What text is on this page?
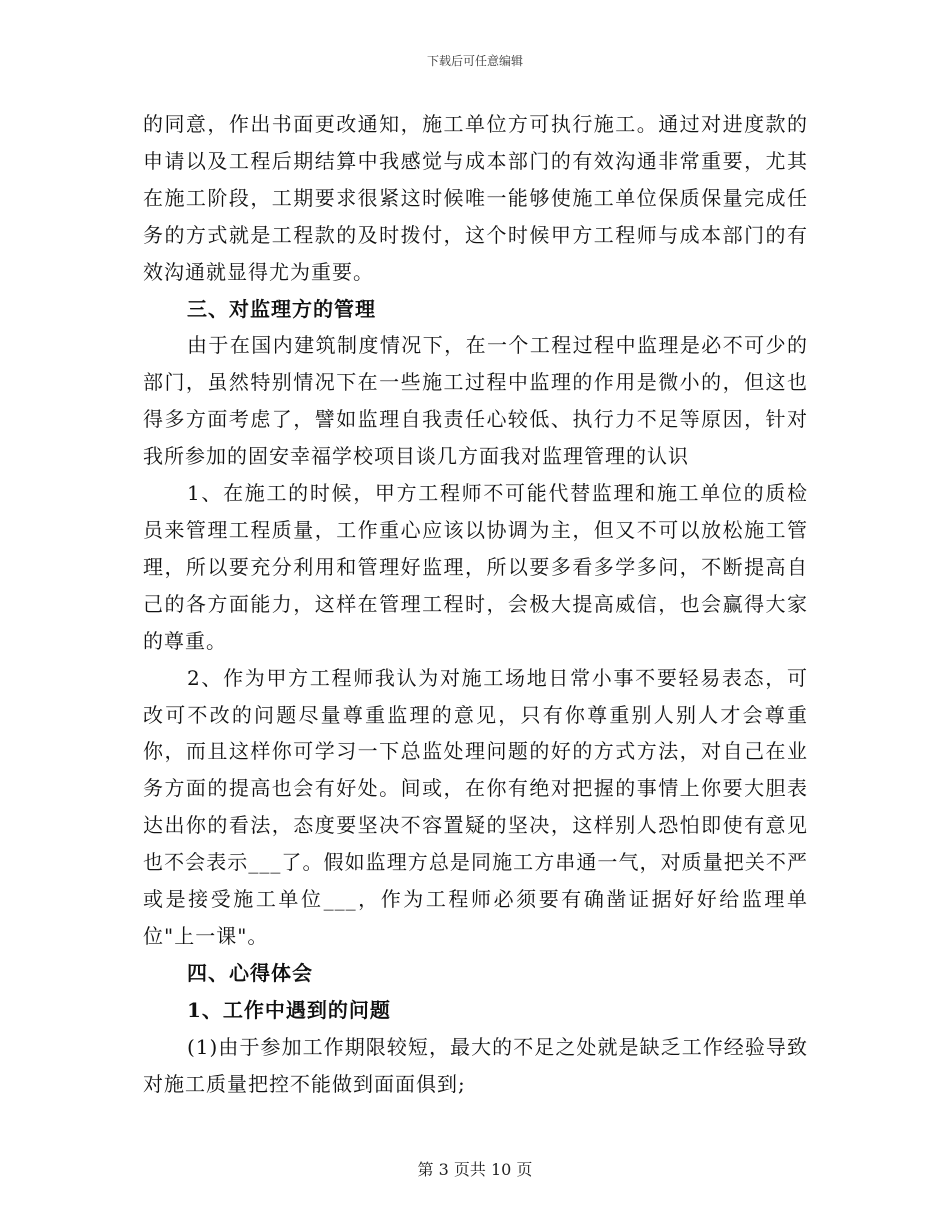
下载后可任意编辑

的同意，作出书面更改通知，施工单位方可执行施工。通过对进度款的申请以及工程后期结算中我感觉与成本部门的有效沟通非常重要，尤其在施工阶段，工期要求很紧这时候唯一能够使施工单位保质保量完成任务的方式就是工程款的及时拨付，这个时候甲方工程师与成本部门的有效沟通就显得尤为重要。

三、对监理方的管理

由于在国内建筑制度情况下，在一个工程过程中监理是必不可少的部门，虽然特别情况下在一些施工过程中监理的作用是微小的，但这也得多方面考虑了，譬如监理自我责任心较低、执行力不足等原因，针对我所参加的固安幸福学校项目谈几方面我对监理管理的认识

1、在施工的时候，甲方工程师不可能代替监理和施工单位的质检员来管理工程质量，工作重心应该以协调为主，但又不可以放松施工管理，所以要充分利用和管理好监理，所以要多看多学多问，不断提高自己的各方面能力，这样在管理工程时，会极大提高威信，也会赢得大家的尊重。

2、作为甲方工程师我认为对施工场地日常小事不要轻易表态，可改可不改的问题尽量尊重监理的意见，只有你尊重别人别人才会尊重你，而且这样你可学习一下总监处理问题的好的方式方法，对自己在业务方面的提高也会有好处。间或，在你有绝对把握的事情上你要大胆表达出你的看法，态度要坚决不容置疑的坚决，这样别人恐怕即使有意见也不会表示___了。假如监理方总是同施工方串通一气，对质量把关不严或是接受施工单位___，作为工程师必须要有确凿证据好好给监理单位"上一课"。

四、心得体会

1、工作中遇到的问题

(1)由于参加工作期限较短，最大的不足之处就是缺乏工作经验导致对施工质量把控不能做到面面俱到;

第 3 页共 10 页
